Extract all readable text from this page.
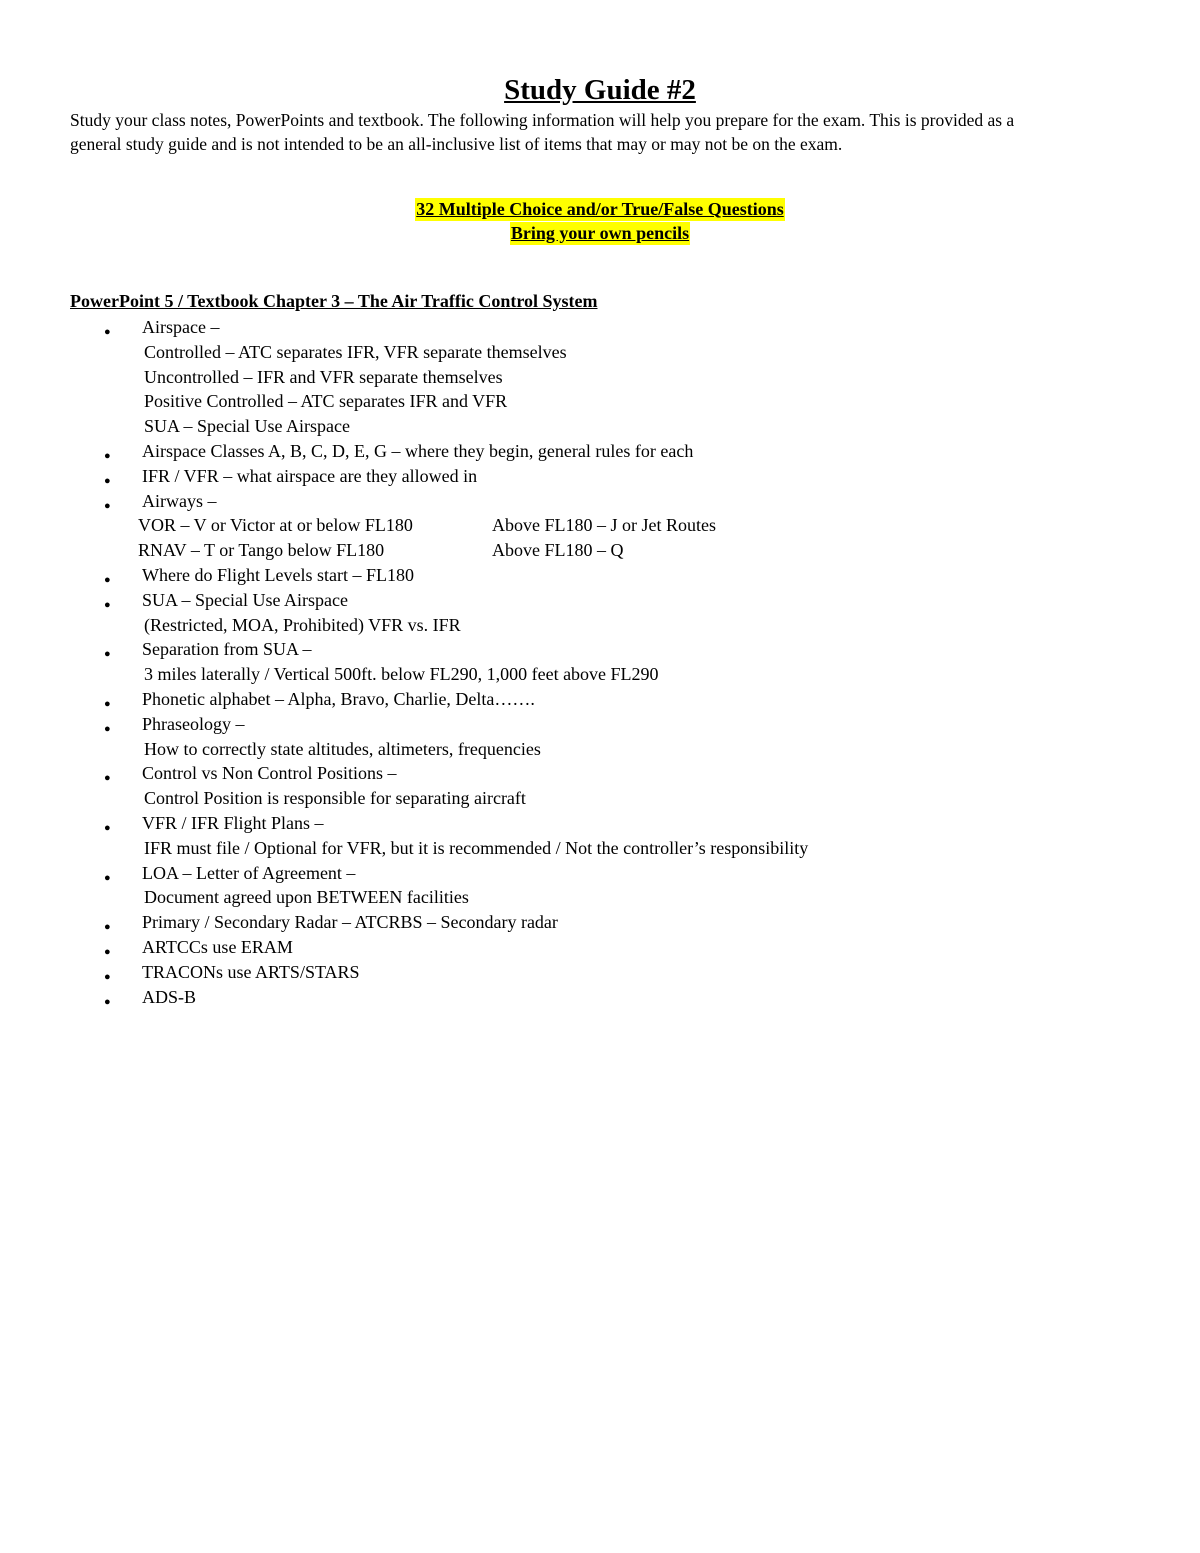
Study Guide #2
Study your class notes, PowerPoints and textbook. The following information will help you prepare for the exam. This is provided as a
general study guide and is not intended to be an all-inclusive list of items that may or may not be on the exam.
32 Multiple Choice and/or True/False Questions
Bring your own pencils
PowerPoint 5 / Textbook Chapter 3 – The Air Traffic Control System
● Airspace –
Controlled – ATC separates IFR, VFR separate themselves
Uncontrolled – IFR and VFR separate themselves
Positive Controlled – ATC separates IFR and VFR
SUA – Special Use Airspace
● Airspace Classes A, B, C, D, E, G – where they begin, general rules for each
● IFR / VFR – what airspace are they allowed in
● Airways –
VOR – V or Victor at or below FL180	Above FL180 – J or Jet Routes
RNAV – T or Tango below FL180	Above FL180 – Q
● Where do Flight Levels start – FL180
● SUA – Special Use Airspace
(Restricted, MOA, Prohibited) VFR vs. IFR
● Separation from SUA –
3 miles laterally / Vertical 500ft. below FL290, 1,000 feet above FL290
● Phonetic alphabet – Alpha, Bravo, Charlie, Delta…….
● Phraseology –
How to correctly state altitudes, altimeters, frequencies
● Control vs Non Control Positions –
Control Position is responsible for separating aircraft
● VFR / IFR Flight Plans –
IFR must file / Optional for VFR, but it is recommended / Not the controller’s responsibility
● LOA – Letter of Agreement –
Document agreed upon BETWEEN facilities
● Primary / Secondary Radar – ATCRBS – Secondary radar
● ARTCCs use ERAM
● TRACONs use ARTS/STARS
● ADS-B
